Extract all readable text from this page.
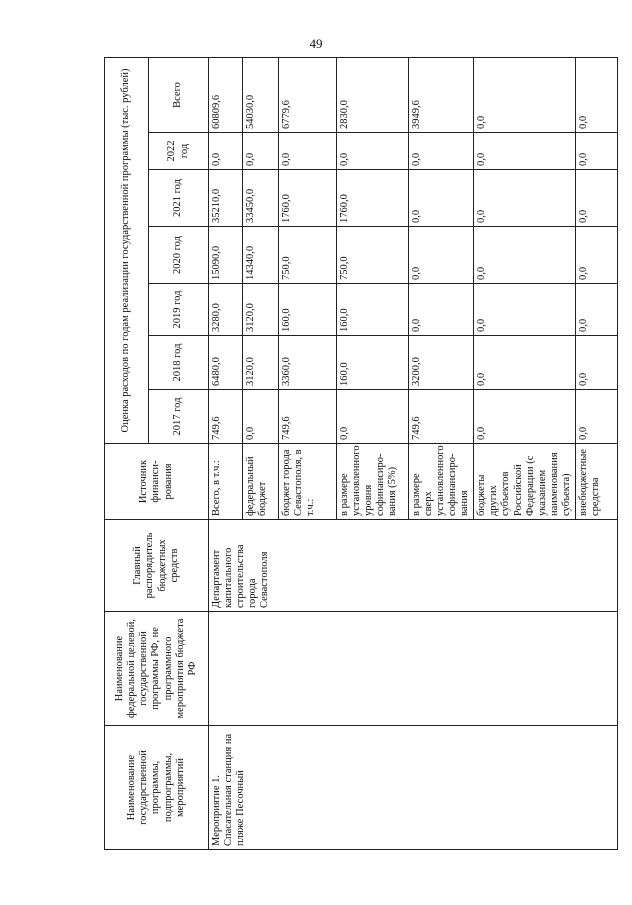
49
Наименование государственной программы, подпрограммы, мероприятий	Наименование федеральной целевой, государственной программы РФ, не программного мероприятия бюджета РФ	Главный распорядитель бюджетных средств	Источник финанси-рования	Оценка расходов по годам реализации государственной программы (тыс. рублей)						
				2017 год	2018 год	2019 год	2020 год	2021 год	2022 год	Всего
Мероприятие 1. Спасательная станция на пляже Песочный		Департамент капитального строительства города Севастополя	Всего, в т.ч.:	749,6	6480,0	3280,0	15090,0	35210,0	0,0	60809,6
			федеральный бюджет	0,0	3120,0	3120,0	14340,0	33450,0	0,0	54030,0
			бюджет города Севастополя, в т.ч.:	749,6	3360,0	160,0	750,0	1760,0	0,0	6779,6
			в размере установленного уровня софинансиро-вания (5%)	0,0	160,0	160,0	750,0	1760,0	0,0	2830,0
			в размере сверх установленного софинансиро-вания	749,6	3200,0	0,0	0,0	0,0	0,0	3949,6
			бюджеты других субъектов Российской Федерации (с указанием наименования субъекта)	0,0	0,0	0,0	0,0	0,0	0,0	0,0
			внебюджетные средства	0,0	0,0	0,0	0,0	0,0	0,0	0,0
